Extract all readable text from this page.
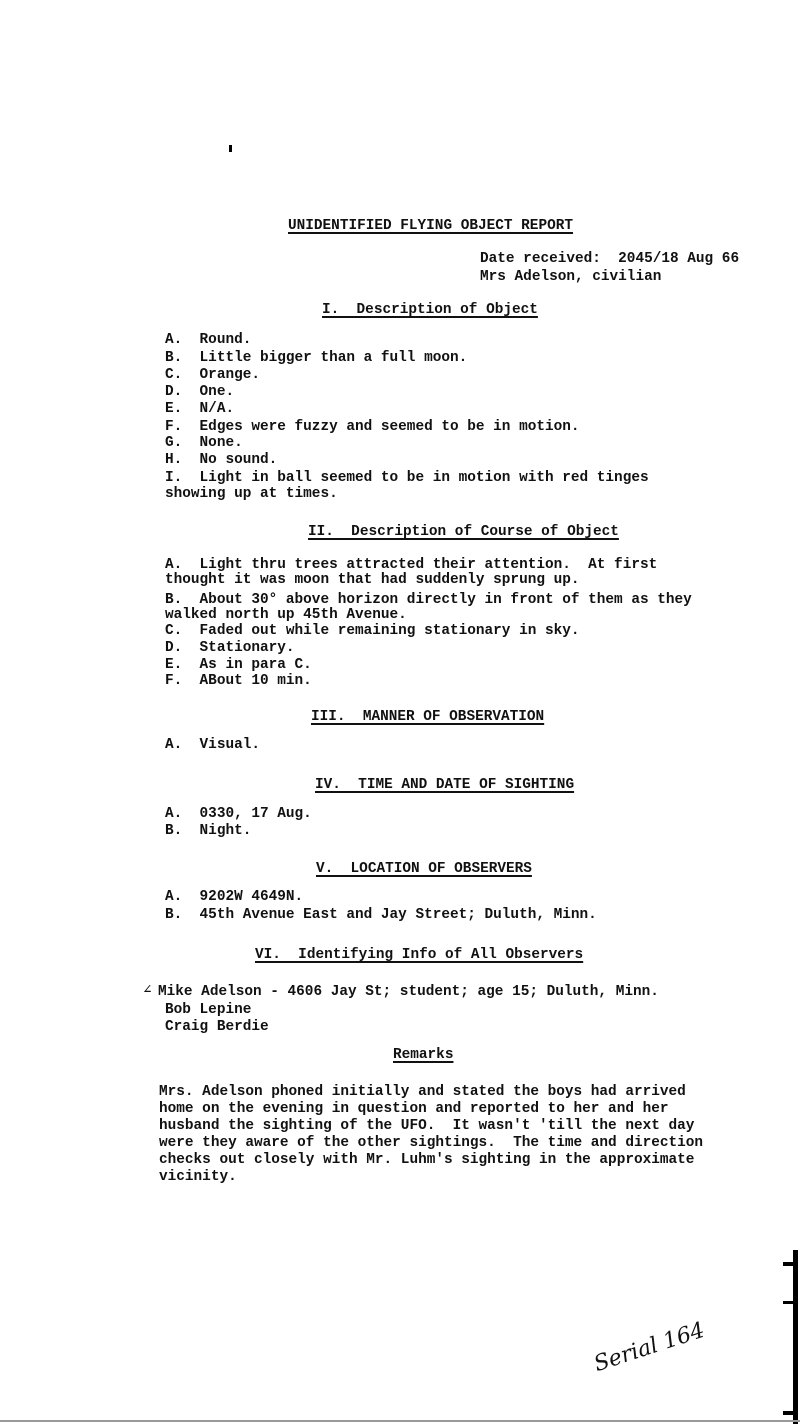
UNIDENTIFIED FLYING OBJECT REPORT
Date received:  2045/18 Aug 66
Mrs Adelson, civilian
I.  Description of Object
A.  Round.
B.  Little bigger than a full moon.
C.  Orange.
D.  One.
E.  N/A.
F.  Edges were fuzzy and seemed to be in motion.
G.  None.
H.  No sound.
I.  Light in ball seemed to be in motion with red tinges
showing up at times.
II.  Description of Course of Object
A.  Light thru trees attracted their attention.  At first
thought it was moon that had suddenly sprung up.
B.  About 30° above horizon directly in front of them as they
walked north up 45th Avenue.
C.  Faded out while remaining stationary in sky.
D.  Stationary.
E.  As in para C.
F.  ABout 10 min.
III.  MANNER OF OBSERVATION
A.  Visual.
IV.  TIME AND DATE OF SIGHTING
A.  0330, 17 Aug.
B.  Night.
V.  LOCATION OF OBSERVERS
A.  9202W 4649N.
B.  45th Avenue East and Jay Street; Duluth, Minn.
VI.  Identifying Info of All Observers
∠ Mike Adelson - 4606 Jay St; student; age 15; Duluth, Minn.
Bob Lepine
Craig Berdie
Remarks
Mrs. Adelson phoned initially and stated the boys had arrived
home on the evening in question and reported to her and her
husband the sighting of the UFO.  It wasn't 'till the next day
were they aware of the other sightings.  The time and direction
checks out closely with Mr. Luhm's sighting in the approximate
vicinity.
Serial 164
